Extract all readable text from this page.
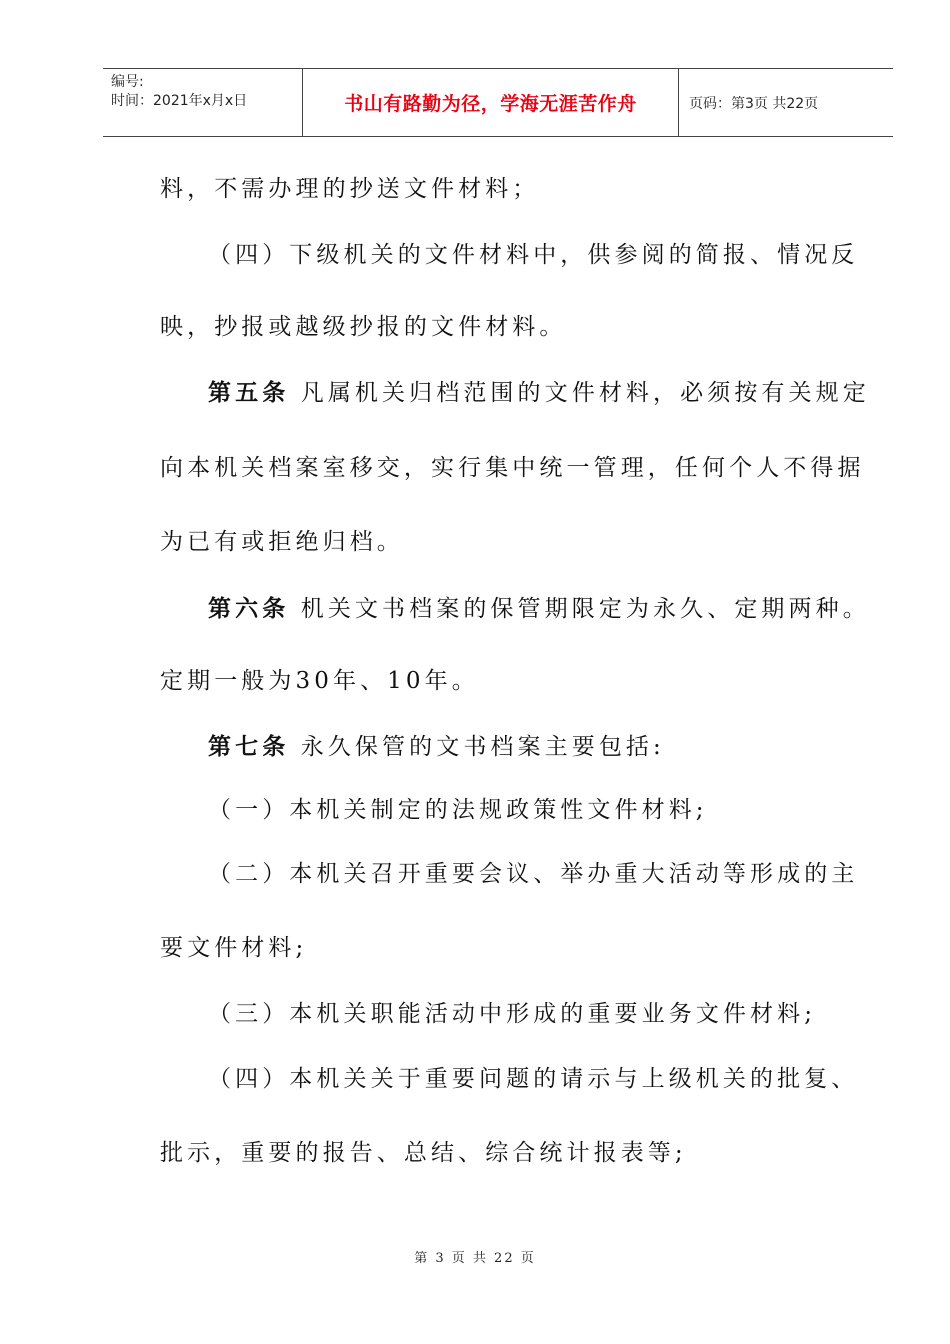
编号:
时间：2021年x月x日	书山有路勤为径，学海无涯苦作舟	页码：第3页 共22页
料，不需办理的抄送文件材料；
（四）下级机关的文件材料中，供参阅的简报、情况反
映，抄报或越级抄报的文件材料。
第五条 凡属机关归档范围的文件材料，必须按有关规定
向本机关档案室移交，实行集中统一管理，任何个人不得据
为已有或拒绝归档。
第六条 机关文书档案的保管期限定为永久、定期两种。
定期一般为30年、10年。
第七条 永久保管的文书档案主要包括:
（一）本机关制定的法规政策性文件材料;
（二）本机关召开重要会议、举办重大活动等形成的主
要文件材料;
（三）本机关职能活动中形成的重要业务文件材料;
（四）本机关关于重要问题的请示与上级机关的批复、
批示，重要的报告、总结、综合统计报表等;
第 3 页 共 22 页
